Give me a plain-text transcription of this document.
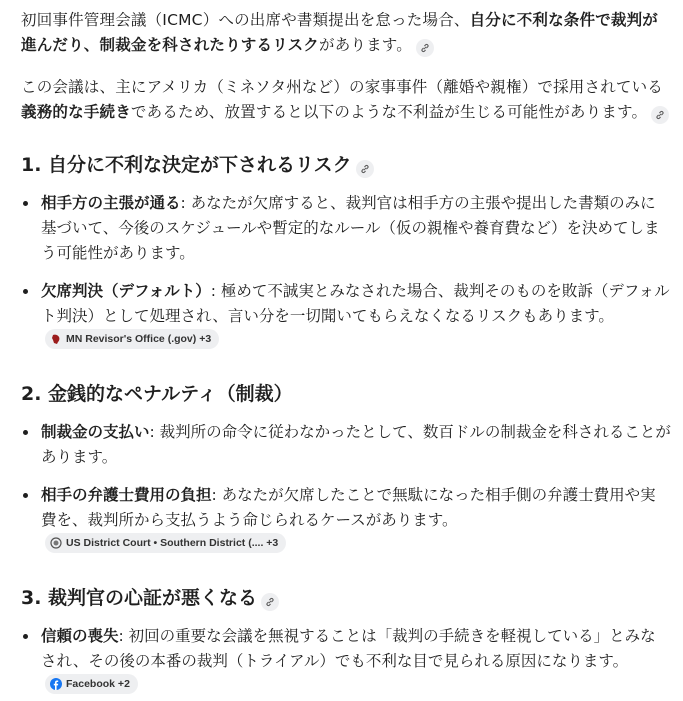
初回事件管理会議（ICMC）への出席や書類提出を怠った場合、自分に不利な条件で裁判が進んだり、制裁金を科されたりするリスクがあります。

この会議は、主にアメリカ（ミネソタ州など）の家事事件（離婚や親権）で採用されている義務的な手続きであるため、放置すると以下のような不利益が生じる可能性があります。

1. 自分に不利な決定が下されるリスク
相手方の主張が通る: あなたが欠席すると、裁判官は相手方の主張や提出した書類のみに基づいて、今後のスケジュールや暫定的なルール（仮の親権や養育費など）を決めてしまう可能性があります。
欠席判決（デフォルト）: 極めて不誠実とみなされた場合、裁判そのものを敗訴（デフォルト判決）として処理され、言い分を一切聞いてもらえなくなるリスクもあります。
MN Revisor's Office (.gov) +3
2. 金銭的なペナルティ（制裁）
制裁金の支払い: 裁判所の命令に従わなかったとして、数百ドルの制裁金を科されることがあります。
相手の弁護士費用の負担: あなたが欠席したことで無駄になった相手側の弁護士費用や実費を、裁判所から支払うよう命じられるケースがあります。
US District Court • Southern District (.... +3
3. 裁判官の心証が悪くなる
信頼の喪失: 初回の重要な会議を無視することは「裁判の手続きを軽視している」とみなされ、その後の本番の裁判（トライアル）でも不利な目で見られる原因になります。
Facebook +2
